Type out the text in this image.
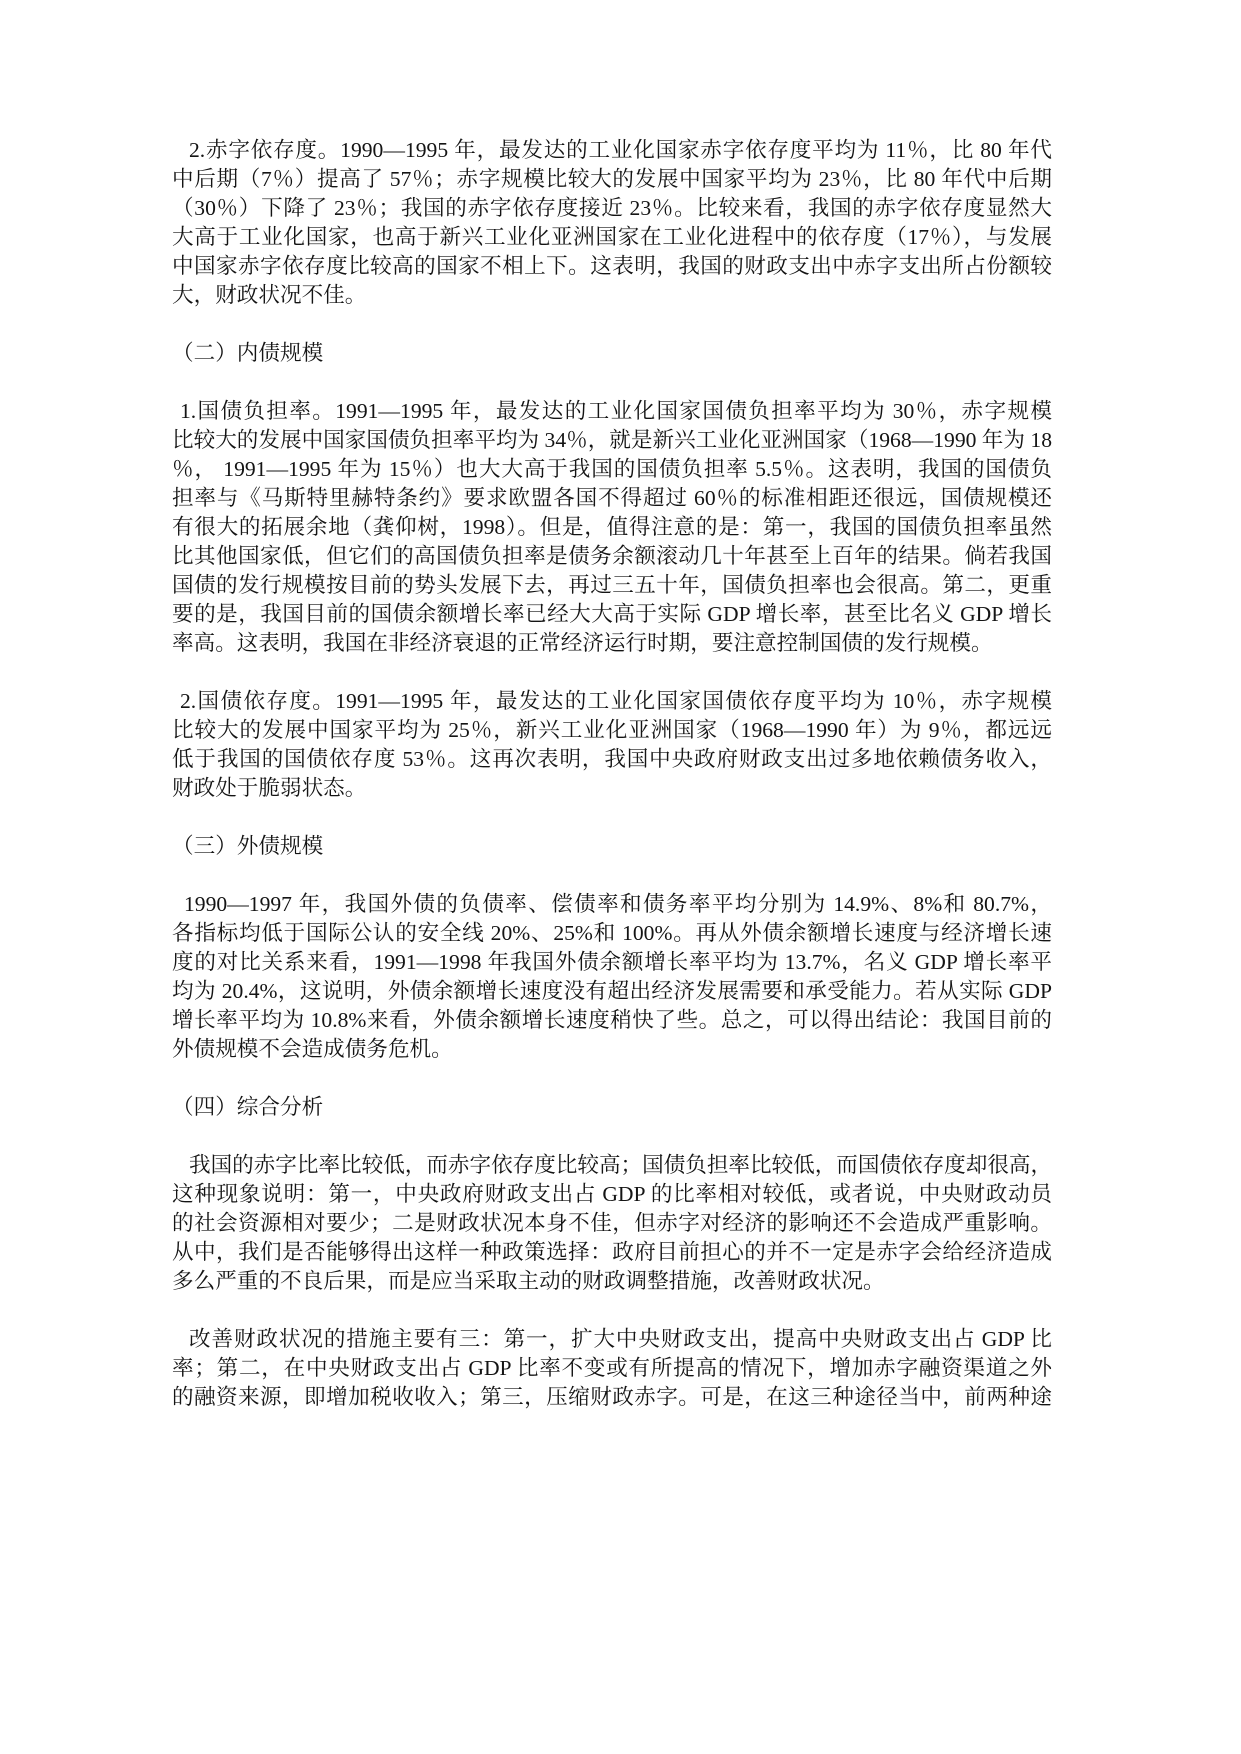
2.赤字依存度。1990—1995 年，最发达的工业化国家赤字依存度平均为 11％，比 80 年代
中后期（7％）提高了 57％；赤字规模比较大的发展中国家平均为 23％，比 80 年代中后期
（30％）下降了 23％；我国的赤字依存度接近 23％。比较来看，我国的赤字依存度显然大
大高于工业化国家，也高于新兴工业化亚洲国家在工业化进程中的依存度（17％），与发展
中国家赤字依存度比较高的国家不相上下。这表明，我国的财政支出中赤字支出所占份额较
大，财政状况不佳。
（二）内债规模
1.国债负担率。1991—1995 年，最发达的工业化国家国债负担率平均为 30％，赤字规模
比较大的发展中国家国债负担率平均为 34％，就是新兴工业化亚洲国家（1968—1990 年为 18
％， 1991—1995 年为 15％）也大大高于我国的国债负担率 5.5％。这表明，我国的国债负
担率与《马斯特里赫特条约》要求欧盟各国不得超过 60％的标准相距还很远，国债规模还
有很大的拓展余地（龚仰树，1998）。但是，值得注意的是：第一，我国的国债负担率虽然
比其他国家低，但它们的高国债负担率是债务余额滚动几十年甚至上百年的结果。倘若我国
国债的发行规模按目前的势头发展下去，再过三五十年，国债负担率也会很高。第二，更重
要的是，我国目前的国债余额增长率已经大大高于实际 GDP 增长率，甚至比名义 GDP 增长
率高。这表明，我国在非经济衰退的正常经济运行时期，要注意控制国债的发行规模。
2.国债依存度。1991—1995 年，最发达的工业化国家国债依存度平均为 10％，赤字规模
比较大的发展中国家平均为 25％，新兴工业化亚洲国家（1968—1990 年）为 9％，都远远
低于我国的国债依存度 53％。这再次表明，我国中央政府财政支出过多地依赖债务收入，
财政处于脆弱状态。
（三）外债规模
1990—1997 年，我国外债的负债率、偿债率和债务率平均分别为 14.9%、8%和 80.7%，
各指标均低于国际公认的安全线 20%、25%和 100%。再从外债余额增长速度与经济增长速
度的对比关系来看，1991—1998 年我国外债余额增长率平均为 13.7%，名义 GDP 增长率平
均为 20.4%，这说明，外债余额增长速度没有超出经济发展需要和承受能力。若从实际 GDP
增长率平均为 10.8%来看，外债余额增长速度稍快了些。总之，可以得出结论：我国目前的
外债规模不会造成债务危机。
（四）综合分析
我国的赤字比率比较低，而赤字依存度比较高；国债负担率比较低，而国债依存度却很高，
这种现象说明：第一，中央政府财政支出占 GDP 的比率相对较低，或者说，中央财政动员
的社会资源相对要少；二是财政状况本身不佳，但赤字对经济的影响还不会造成严重影响。
从中，我们是否能够得出这样一种政策选择：政府目前担心的并不一定是赤字会给经济造成
多么严重的不良后果，而是应当采取主动的财政调整措施，改善财政状况。
改善财政状况的措施主要有三：第一，扩大中央财政支出，提高中央财政支出占 GDP 比
率；第二，在中央财政支出占 GDP 比率不变或有所提高的情况下，增加赤字融资渠道之外
的融资来源，即增加税收收入；第三，压缩财政赤字。可是，在这三种途径当中，前两种途
